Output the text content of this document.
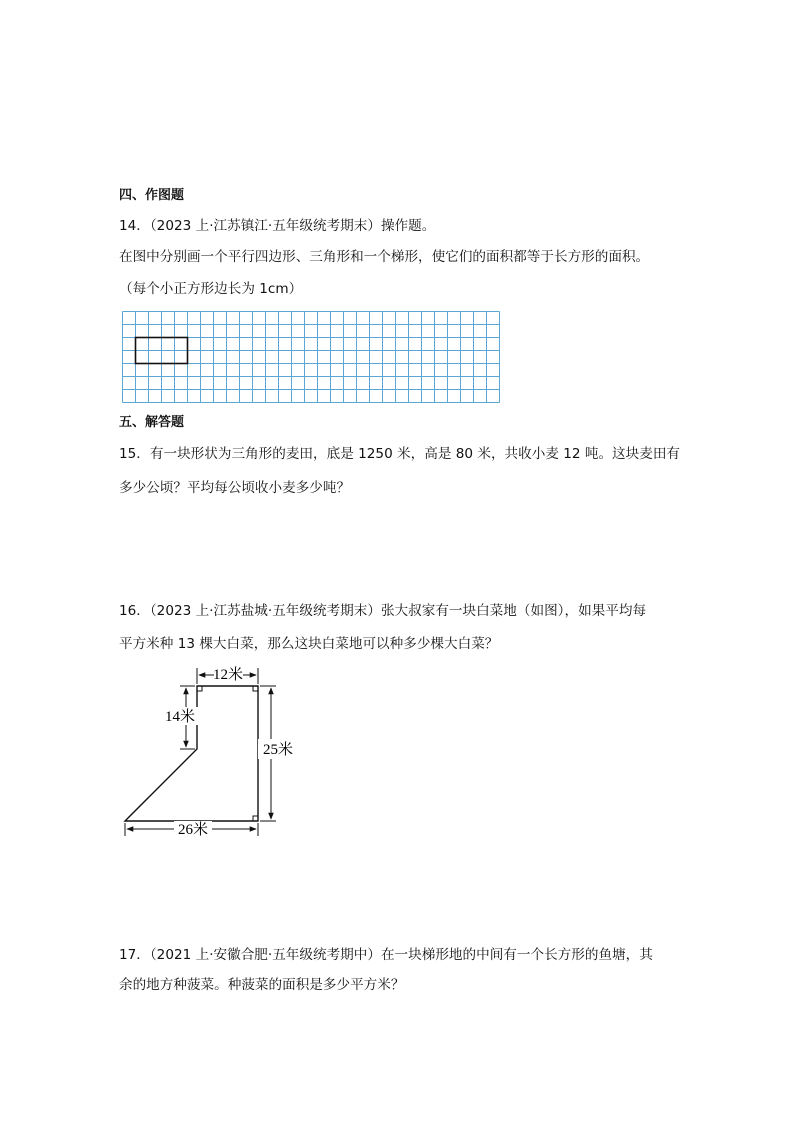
四、作图题
14．（2023 上·江苏镇江·五年级统考期末）操作题。
在图中分别画一个平行四边形、三角形和一个梯形，使它们的面积都等于长方形的面积。
（每个小正方形边长为 1cm）
五、解答题
15．有一块形状为三角形的麦田，底是 1250 米，高是 80 米，共收小麦 12 吨。这块麦田有
多少公顷？平均每公顷收小麦多少吨？
16．（2023 上·江苏盐城·五年级统考期末）张大叔家有一块白菜地（如图），如果平均每
平方米种 13 棵大白菜，那么这块白菜地可以种多少棵大白菜？
12米
14米
25米
26米
17．（2021 上·安徽合肥·五年级统考期中）在一块梯形地的中间有一个长方形的鱼塘，其
余的地方种菠菜。种菠菜的面积是多少平方米？
